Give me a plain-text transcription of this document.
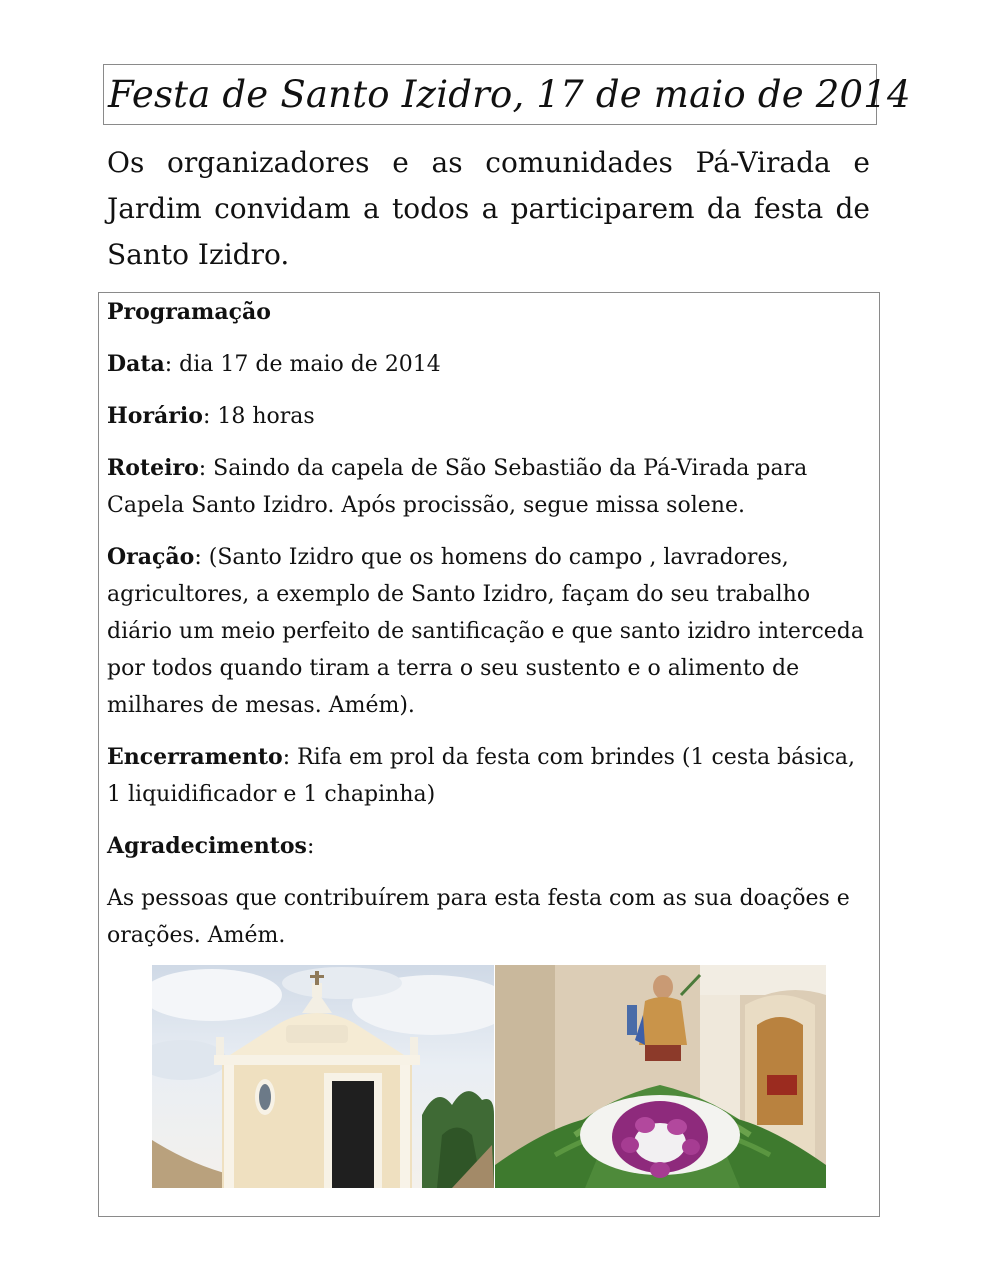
Festa de Santo Izidro, 17 de maio de 2014

Os organizadores e as comunidades Pá-Virada e Jardim convidam a todos a participarem da festa de Santo Izidro.

Programação

Data: dia 17 de maio de 2014

Horário: 18 horas

Roteiro: Saindo da capela de São Sebastião da Pá-Virada para Capela Santo Izidro. Após procissão, segue missa solene.

Oração: (Santo Izidro que os homens do campo , lavradores, agricultores, a exemplo de Santo Izidro, façam do seu trabalho diário um meio perfeito de santificação e que santo izidro interceda por todos quando tiram a terra o seu sustento e o alimento de milhares de mesas. Amém).

Encerramento: Rifa em prol da festa com brindes (1 cesta básica, 1 liquidificador e 1 chapinha)

Agradecimentos:

As pessoas que contribuírem para esta festa com as sua doações e orações. Amém.
